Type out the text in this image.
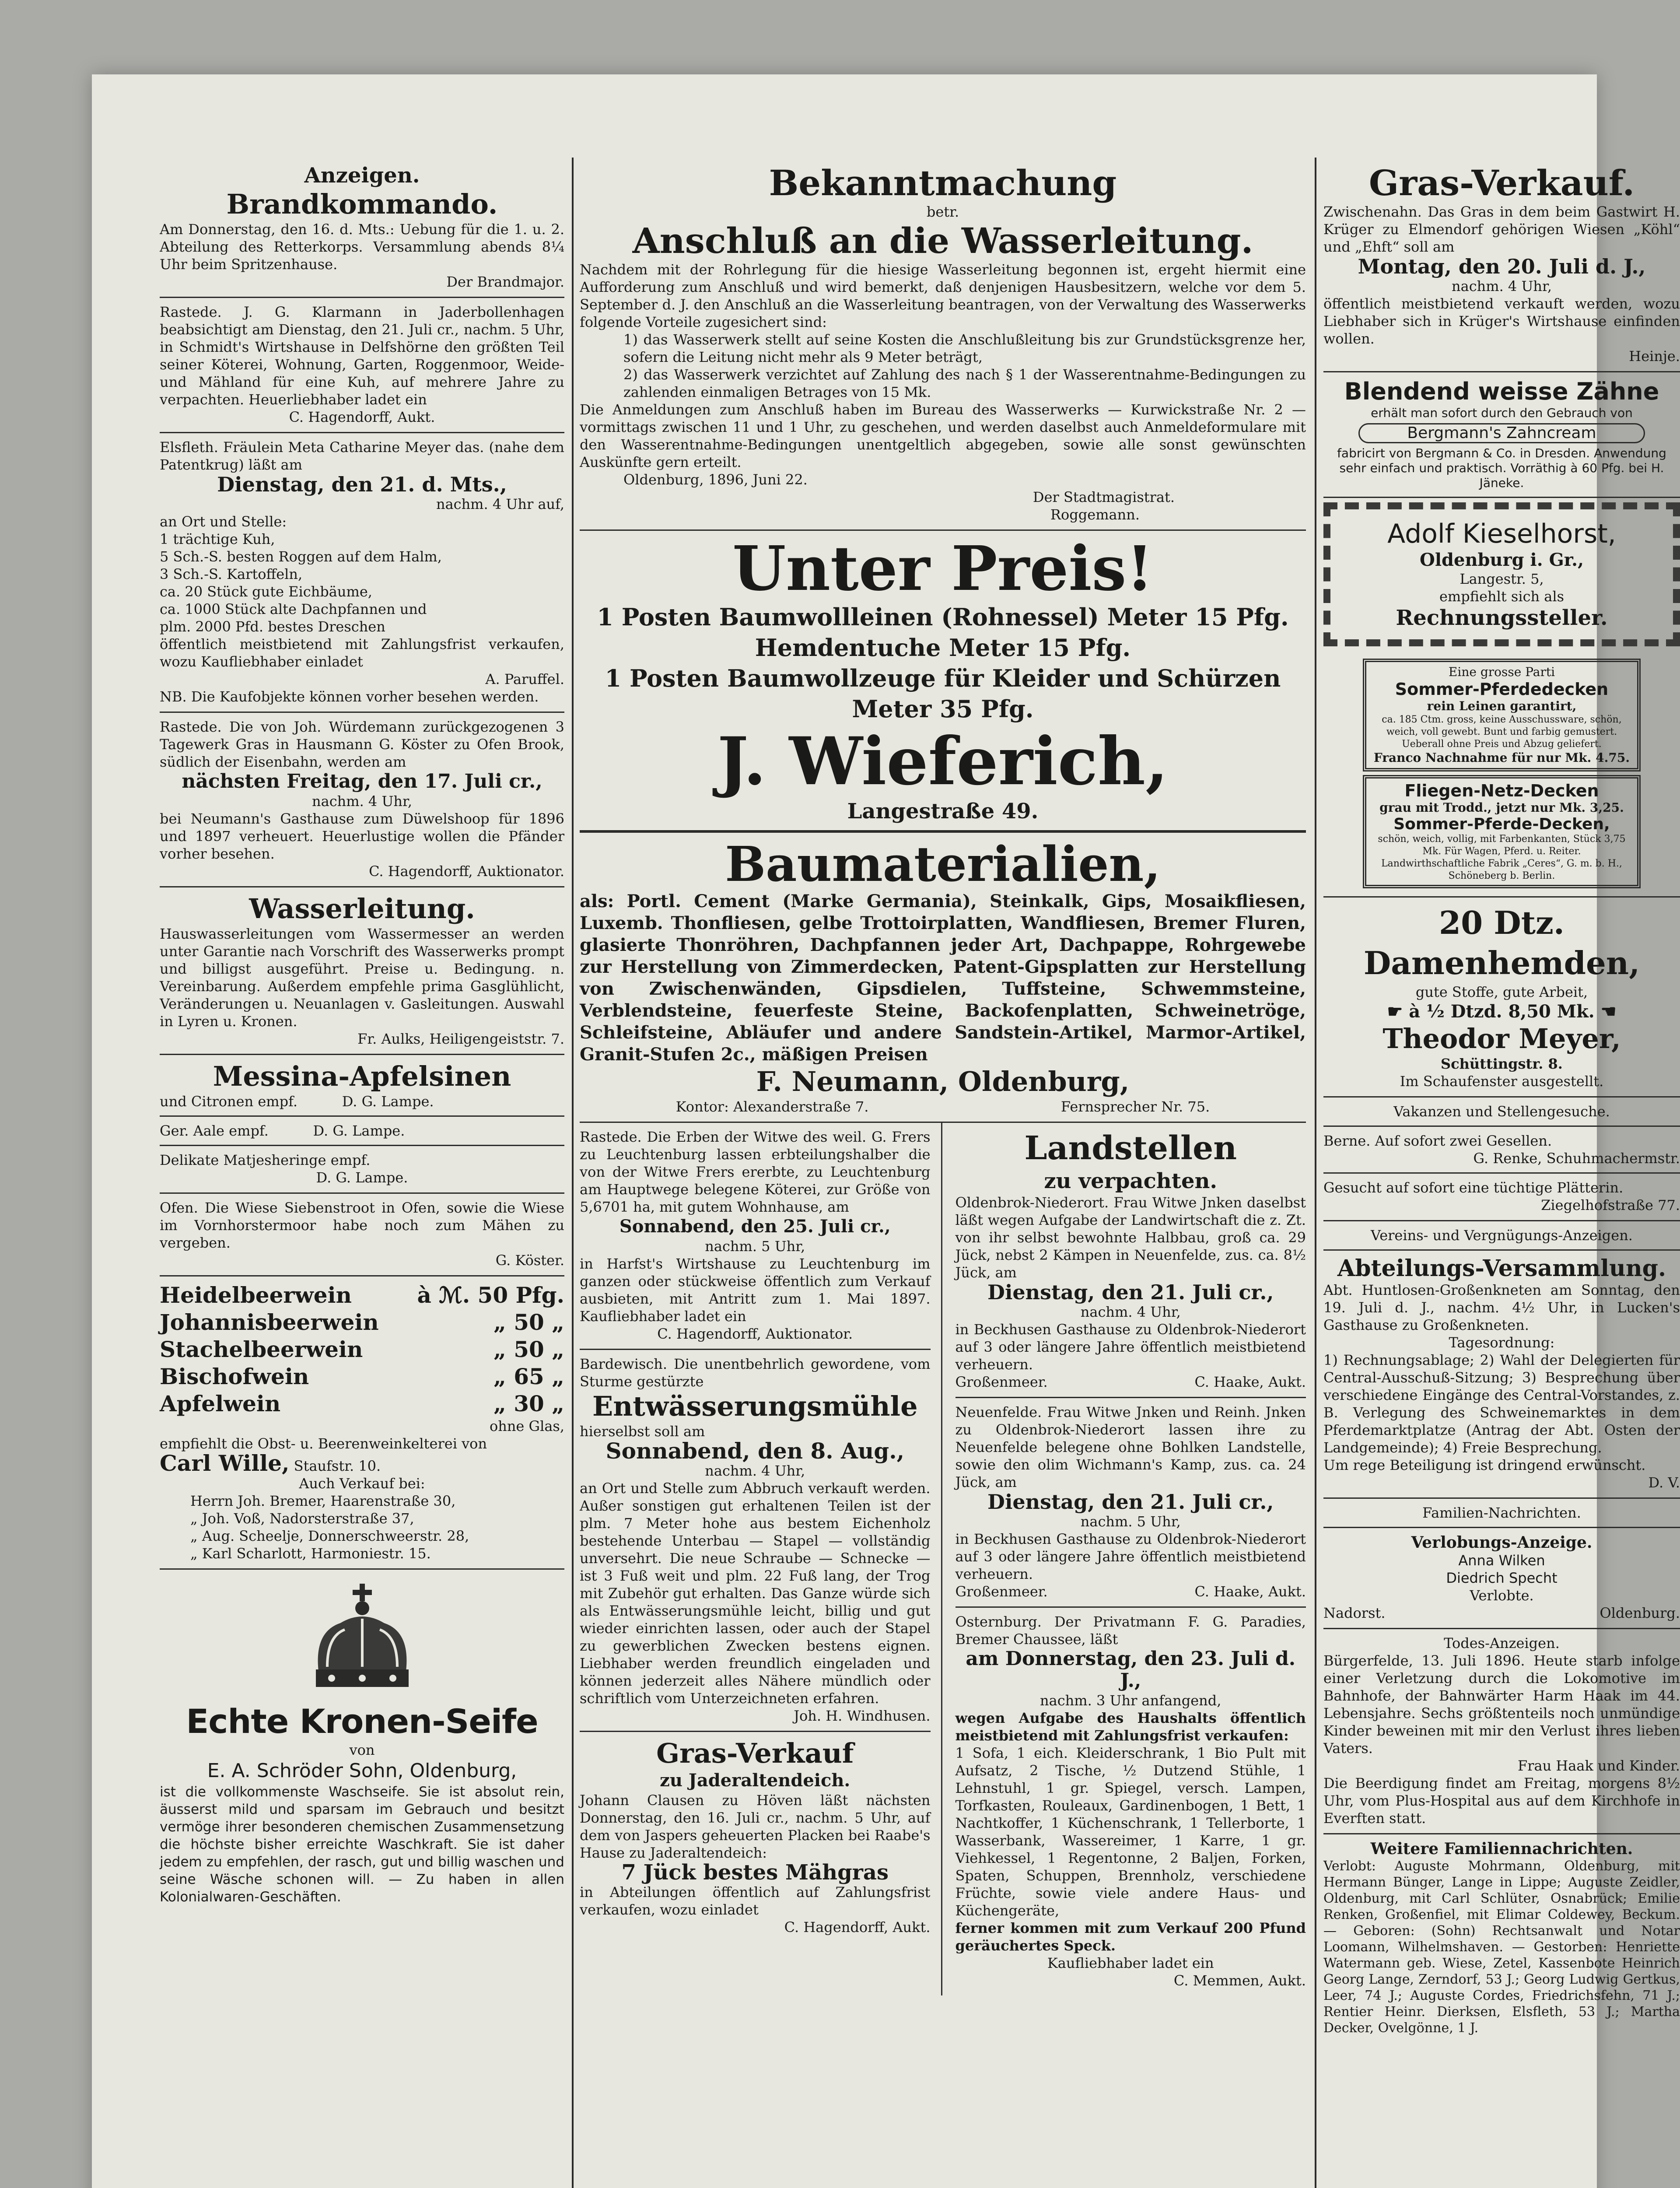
Anzeigen.

Brandkommando.

Am Donnerstag, den 16. d. Mts.: Uebung für die 1. u. 2. Abteilung des Retterkorps. Versammlung abends 8¼ Uhr beim Spritzenhause.

Der Brandmajor.

Rastede. J. G. Klarmann in Jaderbollenhagen beabsichtigt am Dienstag, den 21. Juli cr., nachm. 5 Uhr, in Schmidt's Wirtshause in Delfshörne den größten Teil seiner Köterei, Wohnung, Garten, Roggenmoor, Weide- und Mähland für eine Kuh, auf mehrere Jahre zu verpachten. Heuerliebhaber ladet ein

C. Hagendorff, Aukt.

Elsfleth. Fräulein Meta Catharine Meyer das. (nahe dem Patentkrug) läßt am

Dienstag, den 21. d. Mts.,

nachm. 4 Uhr auf,

an Ort und Stelle:

1 trächtige Kuh,

5 Sch.-S. besten Roggen auf dem Halm,

3 Sch.-S. Kartoffeln,

ca. 20 Stück gute Eichbäume,

ca. 1000 Stück alte Dachpfannen und

plm. 2000 Pfd. bestes Dreschen

öffentlich meistbietend mit Zahlungsfrist verkaufen, wozu Kaufliebhaber einladet

A. Paruffel.

NB. Die Kaufobjekte können vorher besehen werden.

Rastede. Die von Joh. Würdemann zurückgezogenen 3 Tagewerk Gras in Hausmann G. Köster zu Ofen Brook, südlich der Eisenbahn, werden am

nächsten Freitag, den 17. Juli cr.,

nachm. 4 Uhr,

bei Neumann's Gasthause zum Düwelshoop für 1896 und 1897 verheuert. Heuerlustige wollen die Pfänder vorher besehen.

C. Hagendorff, Auktionator.

Wasserleitung.

Hauswasserleitungen vom Wassermesser an werden unter Garantie nach Vorschrift des Wasserwerks prompt und billigst ausgeführt. Preise u. Bedingung. n. Vereinbarung. Außerdem empfehle prima Gasglühlicht, Veränderungen u. Neuanlagen v. Gasleitungen. Auswahl in Lyren u. Kronen.

Fr. Aulks, Heiligengeiststr. 7.

Messina-Apfelsinen

und Citronen empf.          D. G. Lampe.

Ger. Aale empf.          D. G. Lampe.

Delikate Matjesheringe empf.

D. G. Lampe.

Ofen. Die Wiese Siebenstroot in Ofen, sowie die Wiese im Vornhorstermoor habe noch zum Mähen zu vergeben.

G. Köster.

Heidelbeerwein	à ℳ. 50 Pfg.
Johannisbeerwein	„ 50 „
Stachelbeerwein	„ 50 „
Bischofwein	„ 65 „
Apfelwein	„ 30 „

ohne Glas,

empfiehlt die Obst- u. Beerenweinkelterei von

Carl Wille, Staufstr. 10.

Auch Verkauf bei:

Herrn Joh. Bremer, Haarenstraße 30,

„ Joh. Voß, Nadorsterstraße 37,

„ Aug. Scheelje, Donnerschweerstr. 28,

„ Karl Scharlott, Harmoniestr. 15.

Echte Kronen-Seife

von

E. A. Schröder Sohn, Oldenburg,

ist die vollkommenste Waschseife. Sie ist absolut rein, äusserst mild und sparsam im Gebrauch und besitzt vermöge ihrer besonderen chemischen Zusammensetzung die höchste bisher erreichte Waschkraft. Sie ist daher jedem zu empfehlen, der rasch, gut und billig waschen und seine Wäsche schonen will. — Zu haben in allen Kolonialwaren-Geschäften.

Bekanntmachung

betr.

Anschluß an die Wasserleitung.

Nachdem mit der Rohrlegung für die hiesige Wasserleitung begonnen ist, ergeht hiermit eine Aufforderung zum Anschluß und wird bemerkt, daß denjenigen Hausbesitzern, welche vor dem 5. September d. J. den Anschluß an die Wasserleitung beantragen, von der Verwaltung des Wasserwerks folgende Vorteile zugesichert sind:

1) das Wasserwerk stellt auf seine Kosten die Anschlußleitung bis zur Grundstücksgrenze her, sofern die Leitung nicht mehr als 9 Meter beträgt,

2) das Wasserwerk verzichtet auf Zahlung des nach § 1 der Wasserentnahme-Bedingungen zu zahlenden einmaligen Betrages von 15 Mk.

Die Anmeldungen zum Anschluß haben im Bureau des Wasserwerks — Kurwickstraße Nr. 2 — vormittags zwischen 11 und 1 Uhr, zu geschehen, und werden daselbst auch Anmeldeformulare mit den Wasserentnahme-Bedingungen unentgeltlich abgegeben, sowie alle sonst gewünschten Auskünfte gern erteilt.

Oldenburg, 1896, Juni 22.

Der Stadtmagistrat.

Roggemann.

Unter Preis!

1 Posten Baumwollleinen (Rohnessel) Meter 15 Pfg.

Hemdentuche Meter 15 Pfg.

1 Posten Baumwollzeuge für Kleider und Schürzen

Meter 35 Pfg.

J. Wieferich,

Langestraße 49.

Baumaterialien,

als: Portl. Cement (Marke Germania), Steinkalk, Gips, Mosaikfliesen, Luxemb. Thonfliesen, gelbe Trottoirplatten, Wandfliesen, Bremer Fluren, glasierte Thonröhren, Dachpfannen jeder Art, Dachpappe, Rohrgewebe zur Herstellung von Zimmerdecken, Patent-Gipsplatten zur Herstellung von Zwischenwänden, Gipsdielen, Tuffsteine, Schwemmsteine, Verblendsteine, feuerfeste Steine, Backofenplatten, Schweinetröge, Schleifsteine, Abläufer und andere Sandstein-Artikel, Marmor-Artikel, Granit-Stufen 2c., mäßigen Preisen

F. Neumann, Oldenburg,

Kontor: Alexanderstraße 7.	Fernsprecher Nr. 75.

Rastede. Die Erben der Witwe des weil. G. Frers zu Leuchtenburg lassen erbteilungshalber die von der Witwe Frers ererbte, zu Leuchtenburg am Hauptwege belegene Köterei, zur Größe von 5,6701 ha, mit gutem Wohnhause, am

Sonnabend, den 25. Juli cr.,

nachm. 5 Uhr,

in Harfst's Wirtshause zu Leuchtenburg im ganzen oder stückweise öffentlich zum Verkauf ausbieten, mit Antritt zum 1. Mai 1897. Kaufliebhaber ladet ein

C. Hagendorff, Auktionator.

Bardewisch. Die unentbehrlich gewordene, vom Sturme gestürzte

Entwässerungsmühle

hierselbst soll am

Sonnabend, den 8. Aug.,

nachm. 4 Uhr,

an Ort und Stelle zum Abbruch verkauft werden. Außer sonstigen gut erhaltenen Teilen ist der plm. 7 Meter hohe aus bestem Eichenholz bestehende Unterbau — Stapel — vollständig unversehrt. Die neue Schraube — Schnecke — ist 3 Fuß weit und plm. 22 Fuß lang, der Trog mit Zubehör gut erhalten. Das Ganze würde sich als Entwässerungsmühle leicht, billig und gut wieder einrichten lassen, oder auch der Stapel zu gewerblichen Zwecken bestens eignen. Liebhaber werden freundlich eingeladen und können jederzeit alles Nähere mündlich oder schriftlich vom Unterzeichneten erfahren.

Joh. H. Windhusen.

Gras-Verkauf

zu Jaderaltendeich.

Johann Clausen zu Höven läßt nächsten Donnerstag, den 16. Juli cr., nachm. 5 Uhr, auf dem von Jaspers geheuerten Placken bei Raabe's Hause zu Jaderaltendeich:

7 Jück bestes Mähgras

in Abteilungen öffentlich auf Zahlungsfrist verkaufen, wozu einladet

C. Hagendorff, Aukt.

Landstellen

zu verpachten.

Oldenbrok-Niederort. Frau Witwe Jnken daselbst läßt wegen Aufgabe der Landwirtschaft die z. Zt. von ihr selbst bewohnte Halbbau, groß ca. 29 Jück, nebst 2 Kämpen in Neuenfelde, zus. ca. 8½ Jück, am

Dienstag, den 21. Juli cr.,

nachm. 4 Uhr,

in Beckhusen Gasthause zu Oldenbrok-Niederort auf 3 oder längere Jahre öffentlich meistbietend verheuern.

Großenmeer.	C. Haake, Aukt.

Neuenfelde. Frau Witwe Jnken und Reinh. Jnken zu Oldenbrok-Niederort lassen ihre zu Neuenfelde belegene ohne Bohlken Landstelle, sowie den olim Wichmann's Kamp, zus. ca. 24 Jück, am

Dienstag, den 21. Juli cr.,

nachm. 5 Uhr,

in Beckhusen Gasthause zu Oldenbrok-Niederort auf 3 oder längere Jahre öffentlich meistbietend verheuern.

Großenmeer.	C. Haake, Aukt.

Osternburg. Der Privatmann F. G. Paradies, Bremer Chaussee, läßt

am Donnerstag, den 23. Juli d. J.,

nachm. 3 Uhr anfangend,

wegen Aufgabe des Haushalts öffentlich meistbietend mit Zahlungsfrist verkaufen:

1 Sofa, 1 eich. Kleiderschrank, 1 Bio Pult mit Aufsatz, 2 Tische, ½ Dutzend Stühle, 1 Lehnstuhl, 1 gr. Spiegel, versch. Lampen, Torfkasten, Rouleaux, Gardinenbogen, 1 Bett, 1 Nachtkoffer, 1 Küchenschrank, 1 Tellerborte, 1 Wasserbank, Wassereimer, 1 Karre, 1 gr. Viehkessel, 1 Regentonne, 2 Baljen, Forken, Spaten, Schuppen, Brennholz, verschiedene Früchte, sowie viele andere Haus- und Küchengeräte,

ferner kommen mit zum Verkauf 200 Pfund geräuchertes Speck.

Kaufliebhaber ladet ein

C. Memmen, Aukt.

Gras-Verkauf.

Zwischenahn. Das Gras in dem beim Gastwirt H. Krüger zu Elmendorf gehörigen Wiesen „Köhl“ und „Ehft“ soll am

Montag, den 20. Juli d. J.,

nachm. 4 Uhr,

öffentlich meistbietend verkauft werden, wozu Liebhaber sich in Krüger's Wirtshause einfinden wollen.

Heinje.

Blendend weisse Zähne

erhält man sofort durch den Gebrauch von

Bergmann's Zahncream

fabricirt von Bergmann & Co. in Dresden. Anwendung sehr einfach und praktisch. Vorräthig à 60 Pfg. bei H. Jäneke.

Adolf Kieselhorst,

Oldenburg i. Gr.,

Langestr. 5,

empfiehlt sich als

Rechnungssteller.

Eine grosse Parti

Sommer-Pferdedecken

rein Leinen garantirt,

ca. 185 Ctm. gross, keine Ausschussware, schön, weich, voll gewebt. Bunt und farbig gemustert. Ueberall ohne Preis und Abzug geliefert.

Franco Nachnahme für nur Mk. 4.75.

Fliegen-Netz-Decken

grau mit Trodd., jetzt nur Mk. 3,25.

Sommer-Pferde-Decken,

schön, weich, vollig, mit Farbenkanten, Stück 3,75 Mk. Für Wagen, Pferd. u. Reiter.

Landwirthschaftliche Fabrik „Ceres“, G. m. b. H., Schöneberg b. Berlin.

20 Dtz. Damenhemden,

gute Stoffe, gute Arbeit,

☛ à ½ Dtzd. 8,50 Mk. ☚

Theodor Meyer,

Schüttingstr. 8.

Im Schaufenster ausgestellt.

Vakanzen und Stellengesuche.

Berne. Auf sofort zwei Gesellen.

G. Renke, Schuhmachermstr.

Gesucht auf sofort eine tüchtige Plätterin.

Ziegelhofstraße 77.

Vereins- und Vergnügungs-Anzeigen.

Abteilungs-Versammlung.

Abt. Huntlosen-Großenkneten am Sonntag, den 19. Juli d. J., nachm. 4½ Uhr, in Lucken's Gasthause zu Großenkneten.

Tagesordnung:

1) Rechnungsablage; 2) Wahl der Delegierten für Central-Ausschuß-Sitzung; 3) Besprechung über verschiedene Eingänge des Central-Vorstandes, z. B. Verlegung des Schweinemarktes in dem Pferdemarktplatze (Antrag der Abt. Osten der Landgemeinde); 4) Freie Besprechung.

Um rege Beteiligung ist dringend erwünscht.

D. V.

Familien-Nachrichten.

Verlobungs-Anzeige.

Anna Wilken

Diedrich Specht

Verlobte.

Nadorst.	Oldenburg.

Todes-Anzeigen.

Bürgerfelde, 13. Juli 1896. Heute starb infolge einer Verletzung durch die Lokomotive im Bahnhofe, der Bahnwärter Harm Haak im 44. Lebensjahre. Sechs größtenteils noch unmündige Kinder beweinen mit mir den Verlust ihres lieben Vaters.

Frau Haak und Kinder.

Die Beerdigung findet am Freitag, morgens 8½ Uhr, vom Plus-Hospital aus auf dem Kirchhofe in Everften statt.

Weitere Familiennachrichten.

Verlobt: Auguste Mohrmann, Oldenburg, mit Hermann Bünger, Lange in Lippe; Auguste Zeidler, Oldenburg, mit Carl Schlüter, Osnabrück; Emilie Renken, Großenfiel, mit Elimar Coldewey, Beckum. — Geboren: (Sohn) Rechtsanwalt und Notar Loomann, Wilhelmshaven. — Gestorben: Henriette Watermann geb. Wiese, Zetel, Kassenbote Heinrich Georg Lange, Zerndorf, 53 J.; Georg Ludwig Gertkus, Leer, 74 J.; Auguste Cordes, Friedrichsfehn, 71 J.; Rentier Heinr. Dierksen, Elsfleth, 53 J.; Martha Decker, Ovelgönne, 1 J.
